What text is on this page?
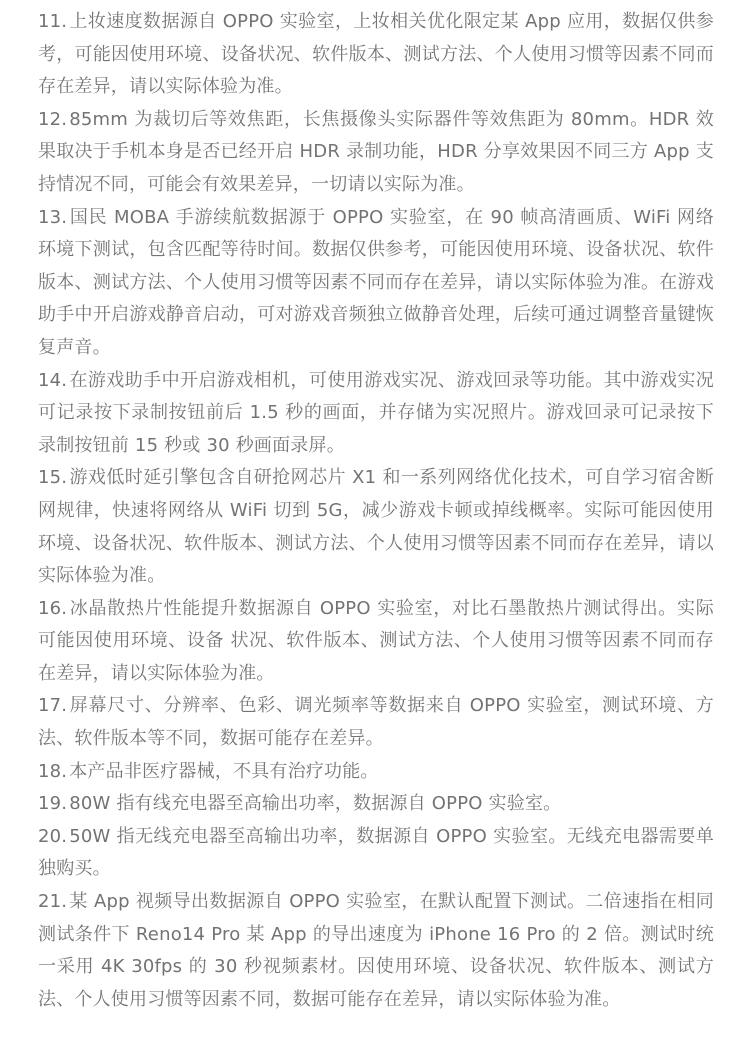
11. 上妆速度数据源自 OPPO 实验室，上妆相关优化限定某 App 应用，数据仅供参考，可能因使用环境、设备状况、软件版本、测试方法、个人使用习惯等因素不同而存在差异，请以实际体验为准。
12. 85mm 为裁切后等效焦距，长焦摄像头实际器件等效焦距为 80mm。HDR 效果取决于手机本身是否已经开启 HDR 录制功能，HDR 分享效果因不同三方 App 支持情况不同，可能会有效果差异，一切请以实际为准。
13. 国民 MOBA 手游续航数据源于 OPPO 实验室，在 90 帧高清画质、WiFi 网络环境下测试，包含匹配等待时间。数据仅供参考，可能因使用环境、设备状况、软件版本、测试方法、个人使用习惯等因素不同而存在差异，请以实际体验为准。在游戏助手中开启游戏静音启动，可对游戏音频独立做静音处理，后续可通过调整音量键恢复声音。
14. 在游戏助手中开启游戏相机，可使用游戏实况、游戏回录等功能。其中游戏实况可记录按下录制按钮前后 1.5 秒的画面，并存储为实况照片。游戏回录可记录按下录制按钮前 15 秒或 30 秒画面录屏。
15. 游戏低时延引擎包含自研抢网芯片 X1 和一系列网络优化技术，可自学习宿舍断网规律，快速将网络从 WiFi 切到 5G，减少游戏卡顿或掉线概率。实际可能因使用环境、设备状况、软件版本、测试方法、个人使用习惯等因素不同而存在差异，请以实际体验为准。
16. 冰晶散热片性能提升数据源自 OPPO 实验室，对比石墨散热片测试得出。实际可能因使用环境、设备 状况、软件版本、测试方法、个人使用习惯等因素不同而存在差异，请以实际体验为准。
17. 屏幕尺寸、分辨率、色彩、调光频率等数据来自 OPPO 实验室，测试环境、方法、软件版本等不同，数据可能存在差异。
18. 本产品非医疗器械，不具有治疗功能。
19. 80W 指有线充电器至高输出功率，数据源自 OPPO 实验室。
20. 50W 指无线充电器至高输出功率，数据源自 OPPO 实验室。无线充电器需要单独购买。
21. 某 App 视频导出数据源自 OPPO 实验室，在默认配置下测试。二倍速指在相同测试条件下 Reno14 Pro 某 App 的导出速度为 iPhone 16 Pro 的 2 倍。测试时统一采用 4K 30fps 的 30 秒视频素材。因使用环境、设备状况、软件版本、测试方法、个人使用习惯等因素不同，数据可能存在差异，请以实际体验为准。
